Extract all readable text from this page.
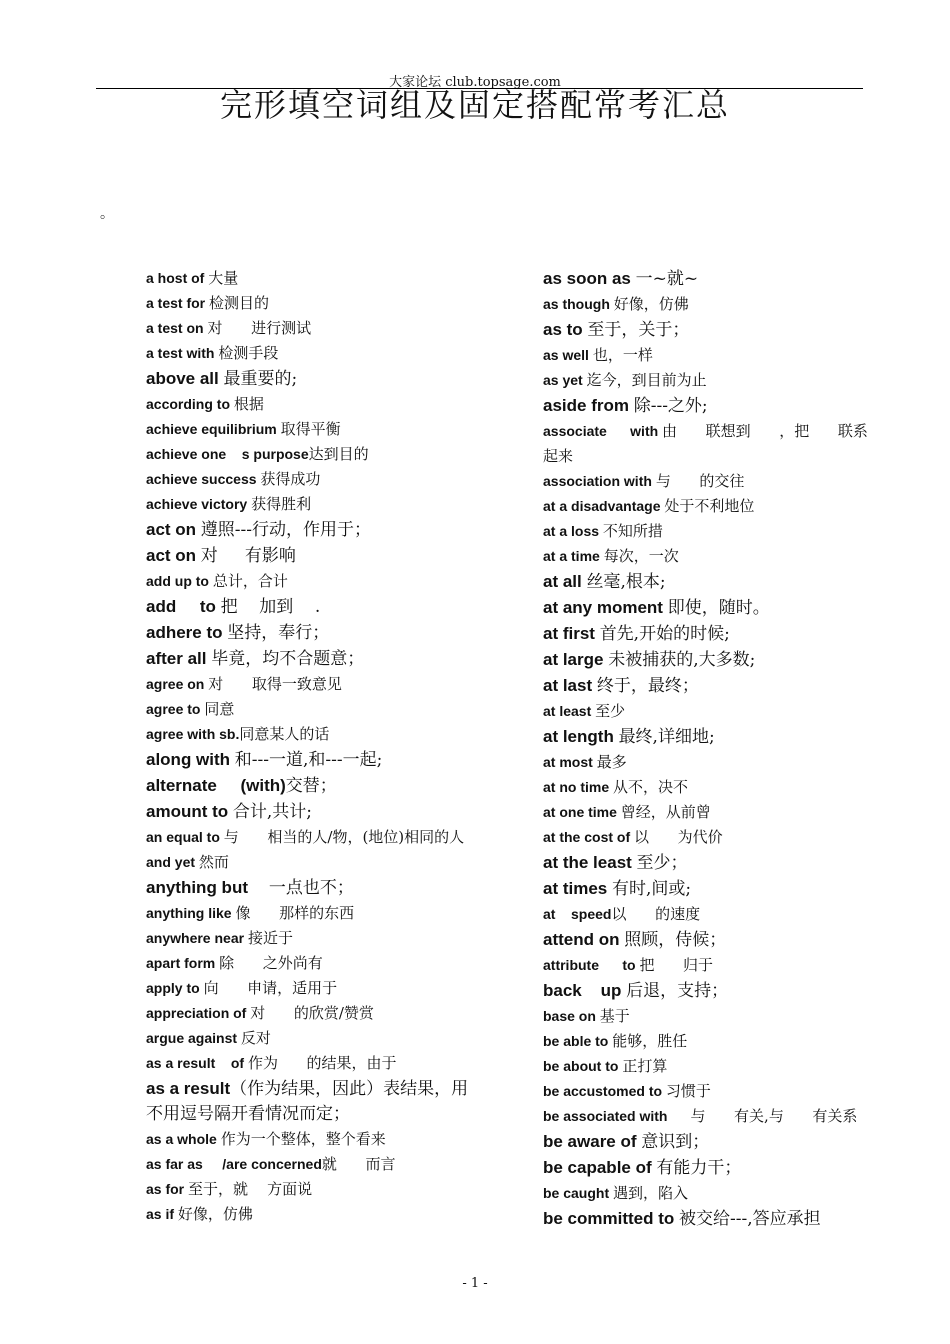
大家论坛 club.topsage.com
完形填空词组及固定搭配常考汇总
。

a host of 大量

a test for 检测目的

a test on 对      进行测试

a test with 检测手段

above all 最重要的;

according to 根据

achieve equilibrium 取得平衡

achieve one    s purpose达到目的

achieve success 获得成功

achieve victory 获得胜利

act on 遵照---行动，作用于；

act on 对     有影响

add up to 总计，合计

add     to 把    加到    .

adhere to 坚持，奉行；

after all 毕竟，均不合题意；

agree on 对      取得一致意见

agree to 同意

agree with sb.同意某人的话

along with 和---一道,和---一起;

alternate     (with)交替；

amount to 合计,共计;

an equal to 与      相当的人/物，(地位)相同的人

and yet 然而

anything but    一点也不；

anything like 像      那样的东西

anywhere near 接近于

apart form 除      之外尚有

apply to 向      申请，适用于

appreciation of 对      的欣赏/赞赏

argue against 反对

as a result    of 作为      的结果，由于

as a result（作为结果，因此）表结果，用不用逗号隔开看情况而定；

as a whole 作为一个整体，整个看来

as far as     /are concerned就      而言

as for 至于，就    方面说

as if 好像，仿佛

as soon as 一~就~

as though 好像，仿佛

as to 至于，关于；

as well 也，一样

as yet 迄今，到目前为止

aside from 除---之外;

associate      with 由      联想到      ，把      联系起来

association with 与      的交往

at a disadvantage 处于不利地位

at a loss 不知所措

at a time 每次，一次

at all 丝毫,根本;

at any moment 即使，随时。

at first 首先,开始的时候;

at large 未被捕获的,大多数;

at last 终于，最终；

at least 至少

at length 最终,详细地;

at most 最多

at no time 从不，决不

at one time 曾经，从前曾

at the cost of 以      为代价

at the least 至少；

at times 有时,间或;

at    speed以      的速度

attend on 照顾，侍候；

attribute      to 把      归于

back    up 后退，支持；

base on 基于

be able to 能够，胜任

be about to 正打算

be accustomed to 习惯于

be associated with     与      有关,与      有关系

be aware of 意识到；

be capable of 有能力干；

be caught 遇到，陷入

be committed to 被交给---,答应承担

- 1 -
